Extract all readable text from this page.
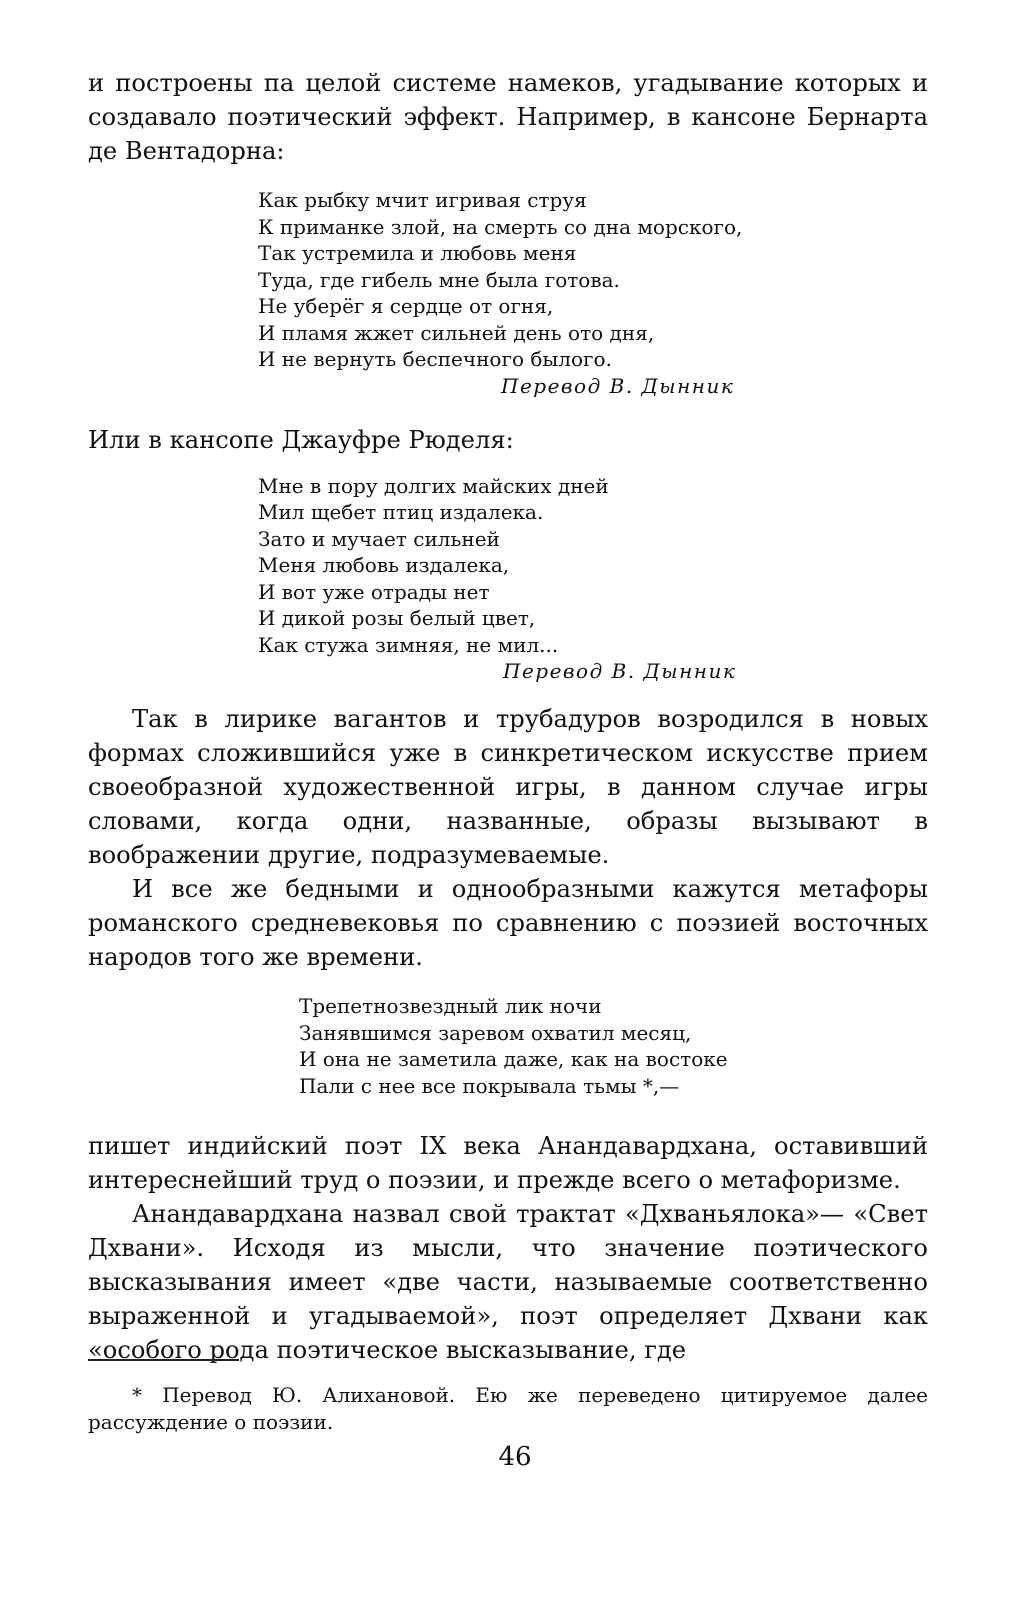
и построены па целой системе намеков, угадывание которых и создавало поэтический эффект. Например, в кансоне Бернарта де Вентадорна:

Как рыбку мчит игривая струя
К приманке злой, на смерть со дна морского,
Так устремила и любовь меня
Туда, где гибель мне была готова.
Не уберёг я сердце от огня,
И пламя жжет сильней день ото дня,
И не вернуть беспечного былого.
Перевод В. Дынник

Или в кансопе Джауфре Рюделя:

Мне в пору долгих майских дней
Мил щебет птиц издалека.
Зато и мучает сильней
Меня любовь издалека,
И вот уже отрады нет
И дикой розы белый цвет,
Как стужа зимняя, не мил...
Перевод В. Дынник

Так в лирике вагантов и трубадуров возродился в новых формах сложившийся уже в синкретическом искусстве прием своеобразной художественной игры, в данном случае игры словами, когда одни, названные, образы вызывают в воображении другие, подразумеваемые.

И все же бедными и однообразными кажутся метафоры романского средневековья по сравнению с поэзией восточных народов того же времени.

Трепетнозвездный лик ночи
Занявшимся заревом охватил месяц,
И она не заметила даже, как на востоке
Пали с нее все покрывала тьмы *,—

пишет индийский поэт IX века Анандавардхана, оставивший интереснейший труд о поэзии, и прежде всего о метафоризме.

Анандавардхана назвал свой трактат «Дхваньялока»— «Свет Дхвани». Исходя из мысли, что значение поэтического высказывания имеет «две части, называемые соответственно выраженной и угадываемой», поэт определяет Дхвани как «особого рода поэтическое высказывание, где

* Перевод Ю. Алихановой. Ею же переведено цитируемое далее рассуждение о поэзии.

46
